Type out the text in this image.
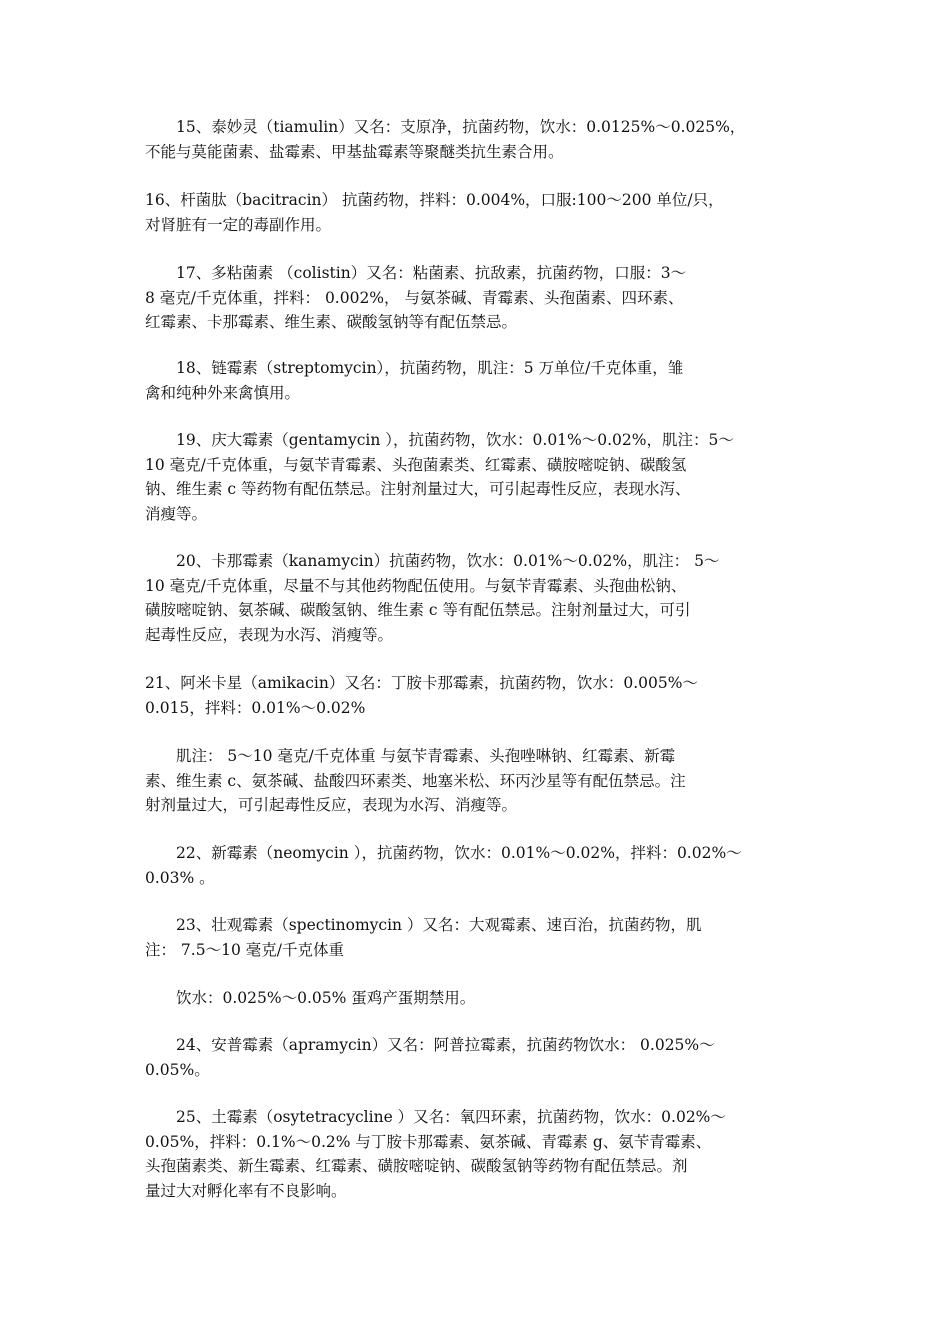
　　15、泰妙灵（tiamulin）又名：支原净，抗菌药物，饮水：0.0125%～0.025%，
不能与莫能菌素、盐霉素、甲基盐霉素等聚醚类抗生素合用。

16、杆菌肽（bacitracin） 抗菌药物，拌料：0.004%，口服:100～200 单位/只，
对肾脏有一定的毒副作用。

　　17、多粘菌素 （colistin）又名：粘菌素、抗敌素，抗菌药物，口服：3～
8 毫克/千克体重，拌料： 0.002%， 与氨茶碱、青霉素、头孢菌素、四环素、
红霉素、卡那霉素、维生素、碳酸氢钠等有配伍禁忌。

　　18、链霉素（streptomycin），抗菌药物，肌注：5 万单位/千克体重，雏
禽和纯种外来禽慎用。

　　19、庆大霉素（gentamycin ），抗菌药物，饮水：0.01%～0.02%，肌注：5～
10 毫克/千克体重，与氨苄青霉素、头孢菌素类、红霉素、磺胺嘧啶钠、碳酸氢
钠、维生素 c 等药物有配伍禁忌。注射剂量过大，可引起毒性反应，表现水泻、
消瘦等。

　　20、卡那霉素（kanamycin）抗菌药物，饮水：0.01%～0.02%，肌注： 5～
10 毫克/千克体重，尽量不与其他药物配伍使用。与氨苄青霉素、头孢曲松钠、
磺胺嘧啶钠、氨茶碱、碳酸氢钠、维生素 c 等有配伍禁忌。注射剂量过大，可引
起毒性反应，表现为水泻、消瘦等。

21、阿米卡星（amikacin）又名：丁胺卡那霉素，抗菌药物，饮水：0.005%～
0.015，拌料：0.01%～0.02%

　　肌注： 5～10 毫克/千克体重 与氨苄青霉素、头孢唑啉钠、红霉素、新霉
素、维生素 c、氨茶碱、盐酸四环素类、地塞米松、环丙沙星等有配伍禁忌。注
射剂量过大，可引起毒性反应，表现为水泻、消瘦等。

　　22、新霉素（neomycin ），抗菌药物，饮水：0.01%～0.02%，拌料：0.02%～
0.03% 。

　　23、壮观霉素（spectinomycin ）又名：大观霉素、速百治，抗菌药物，肌
注： 7.5～10 毫克/千克体重

　　饮水：0.025%～0.05% 蛋鸡产蛋期禁用。

　　24、安普霉素（apramycin）又名：阿普拉霉素，抗菌药物饮水： 0.025%～
0.05%。

　　25、土霉素（osytetracycline ）又名：氧四环素，抗菌药物，饮水：0.02%～
0.05%，拌料：0.1%～0.2% 与丁胺卡那霉素、氨茶碱、青霉素 g、氨苄青霉素、
头孢菌素类、新生霉素、红霉素、磺胺嘧啶钠、碳酸氢钠等药物有配伍禁忌。剂
量过大对孵化率有不良影响。
